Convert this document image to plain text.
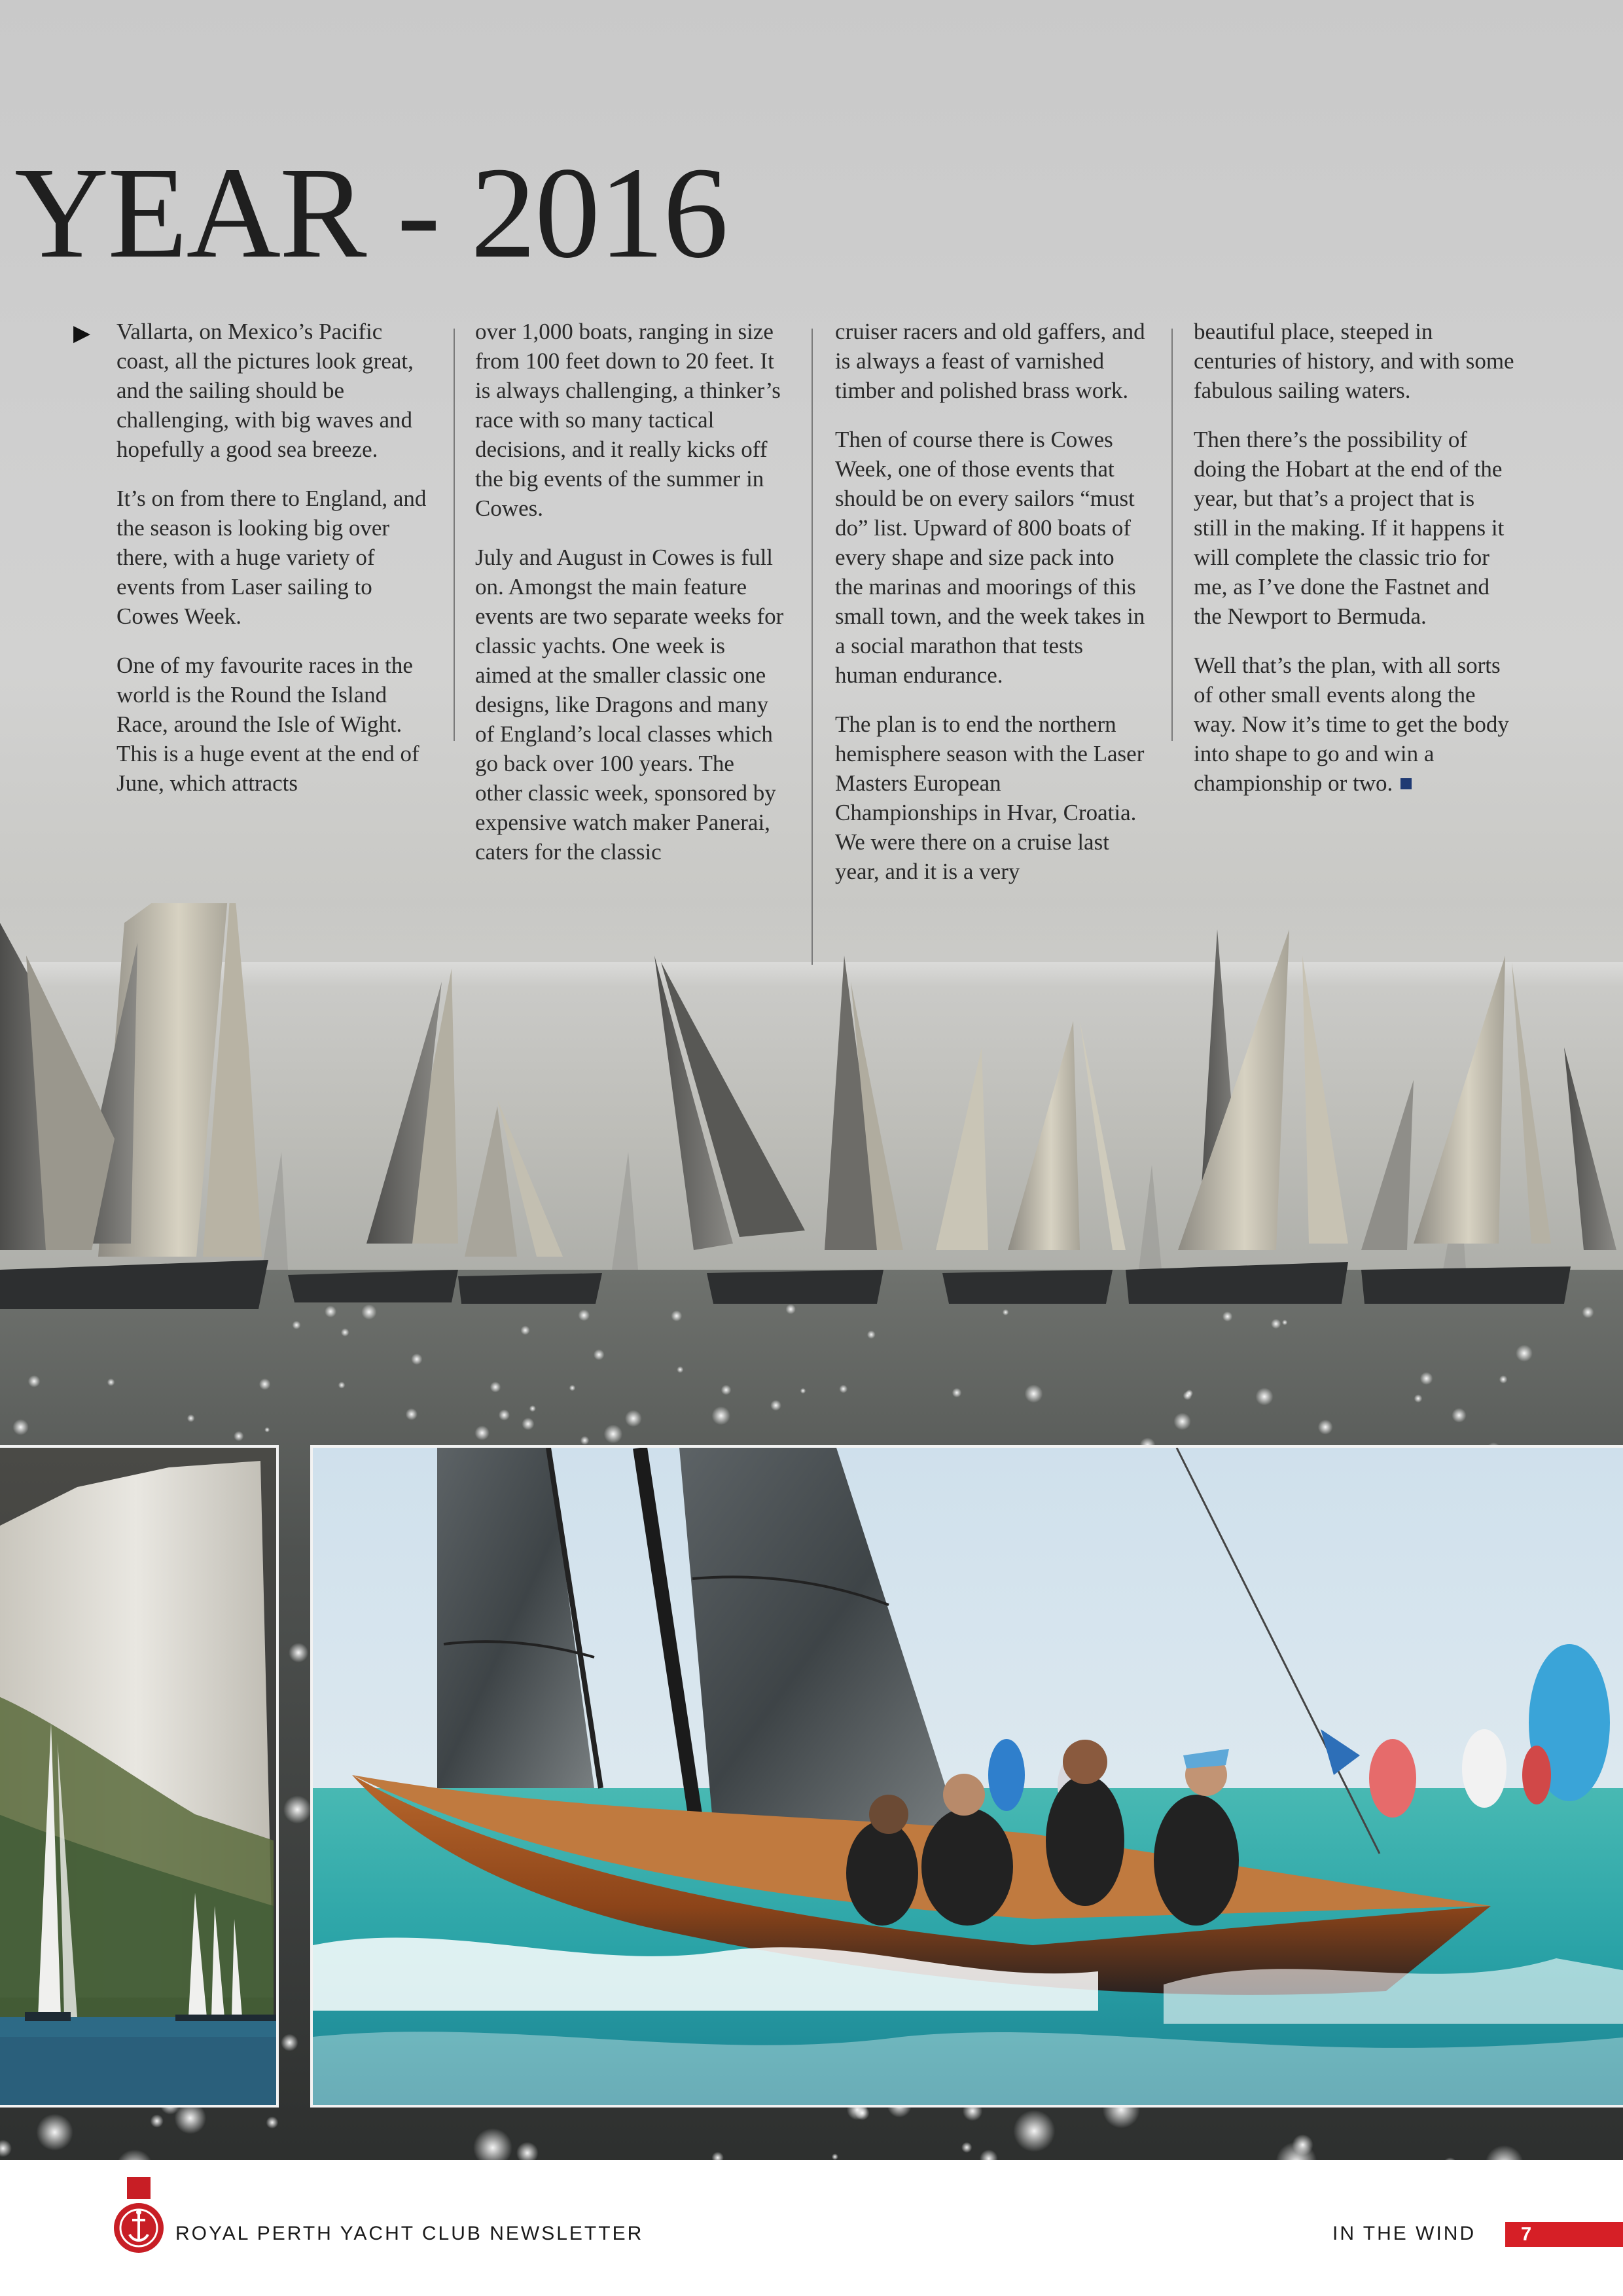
YEAR - 2016
▶ Vallarta, on Mexico’s Pacific coast, all the pictures look great, and the sailing should be challenging, with big waves and hopefully a good sea breeze.

It’s on from there to England, and the season is looking big over there, with a huge variety of events from Laser sailing to Cowes Week.

One of my favourite races in the world is the Round the Island Race, around the Isle of Wight. This is a huge event at the end of June, which attracts

over 1,000 boats, ranging in size from 100 feet down to 20 feet. It is always challenging, a thinker’s race with so many tactical decisions, and it really kicks off the big events of the summer in Cowes.

July and August in Cowes is full on. Amongst the main feature events are two separate weeks for classic yachts. One week is aimed at the smaller classic one designs, like Dragons and many of England’s local classes which go back over 100 years. The other classic week, sponsored by expensive watch maker Panerai, caters for the classic

cruiser racers and old gaffers, and is always a feast of varnished timber and polished brass work.

Then of course there is Cowes Week, one of those events that should be on every sailors “must do” list. Upward of 800 boats of every shape and size pack into the marinas and moorings of this small town, and the week takes in a social marathon that tests human endurance.

The plan is to end the northern hemisphere season with the Laser Masters European Championships in Hvar, Croatia. We were there on a cruise last year, and it is a very

beautiful place, steeped in centuries of history, and with some fabulous sailing waters.

Then there’s the possibility of doing the Hobart at the end of the year, but that’s a project that is still in the making. If it happens it will complete the classic trio for me, as I’ve done the Fastnet and the Newport to Bermuda.

Well that’s the plan, with all sorts of other small events along the way. Now it’s time to get the body into shape to go and win a championship or two.

ROYAL PERTH YACHT CLUB NEWSLETTER	IN THE WIND	7
